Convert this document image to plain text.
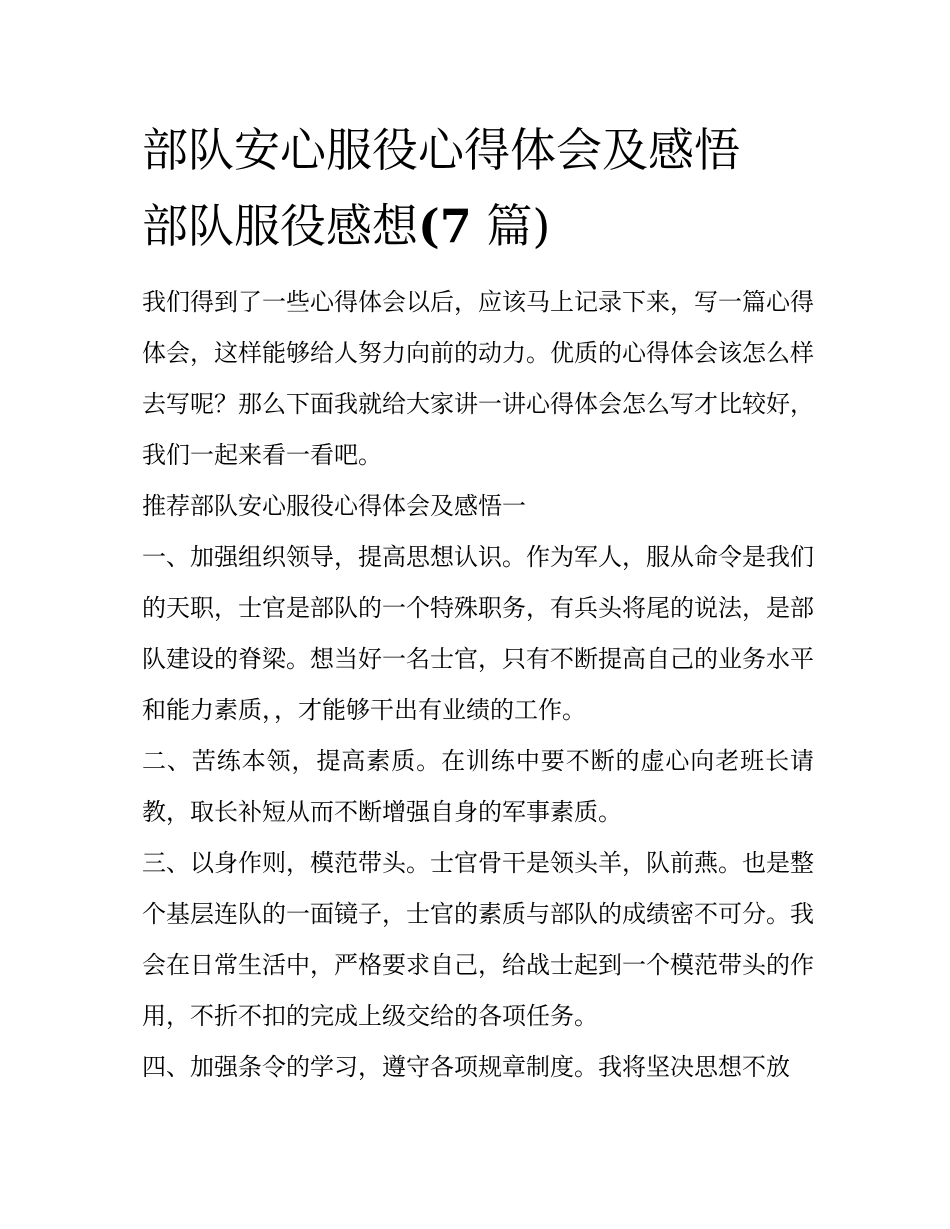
部队安心服役心得体会及感悟
部队服役感想(7 篇)

我们得到了一些心得体会以后，应该马上记录下来，写一篇心得体会，这样能够给人努力向前的动力。优质的心得体会该怎么样去写呢？那么下面我就给大家讲一讲心得体会怎么写才比较好，我们一起来看一看吧。

推荐部队安心服役心得体会及感悟一

一、加强组织领导，提高思想认识。作为军人，服从命令是我们的天职，士官是部队的一个特殊职务，有兵头将尾的说法，是部队建设的脊梁。想当好一名士官，只有不断提高自己的业务水平和能力素质，，才能够干出有业绩的工作。

二、苦练本领，提高素质。在训练中要不断的虚心向老班长请教，取长补短从而不断增强自身的军事素质。

三、以身作则，模范带头。士官骨干是领头羊，队前燕。也是整个基层连队的一面镜子，士官的素质与部队的成绩密不可分。我会在日常生活中，严格要求自己，给战士起到一个模范带头的作用，不折不扣的完成上级交给的各项任务。

四、加强条令的学习，遵守各项规章制度。我将坚决思想不放
